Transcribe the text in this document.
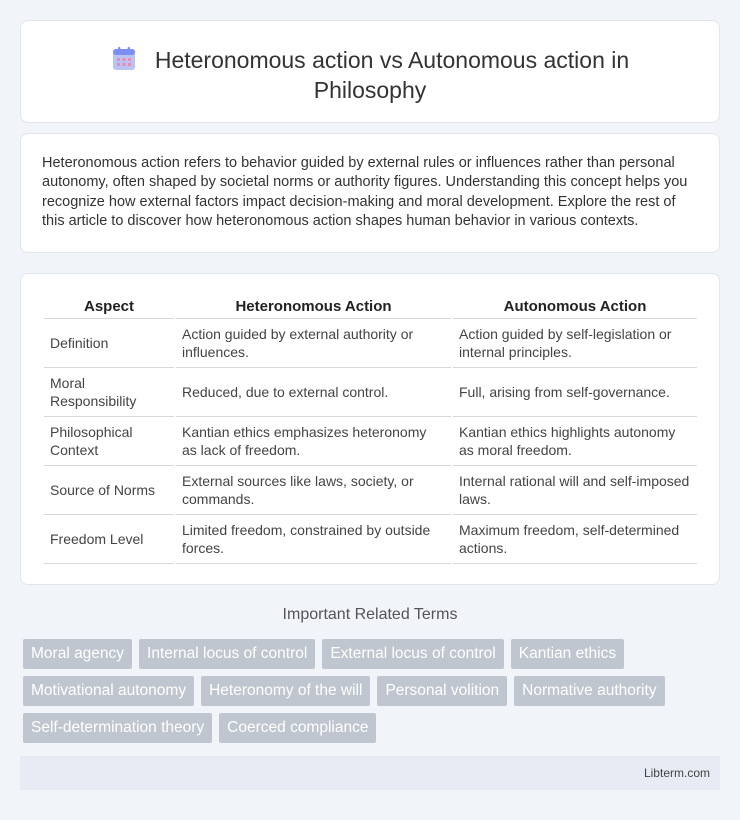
Heteronomous action vs Autonomous action in Philosophy

Heteronomous action refers to behavior guided by external rules or influences rather than personal autonomy, often shaped by societal norms or authority figures. Understanding this concept helps you recognize how external factors impact decision-making and moral development. Explore the rest of this article to discover how heteronomous action shapes human behavior in various contexts.

Aspect	Heteronomous Action	Autonomous Action
Definition	Action guided by external authority or influences.	Action guided by self-legislation or internal principles.
Moral Responsibility	Reduced, due to external control.	Full, arising from self-governance.
Philosophical Context	Kantian ethics emphasizes heteronomy as lack of freedom.	Kantian ethics highlights autonomy as moral freedom.
Source of Norms	External sources like laws, society, or commands.	Internal rational will and self-imposed laws.
Freedom Level	Limited freedom, constrained by outside forces.	Maximum freedom, self-determined actions.
Important Related Terms
Moral agency	Internal locus of control	External locus of control	Kantian ethics
Motivational autonomy	Heteronomy of the will	Personal volition	Normative authority
Self-determination theory	Coerced compliance
Libterm.com
